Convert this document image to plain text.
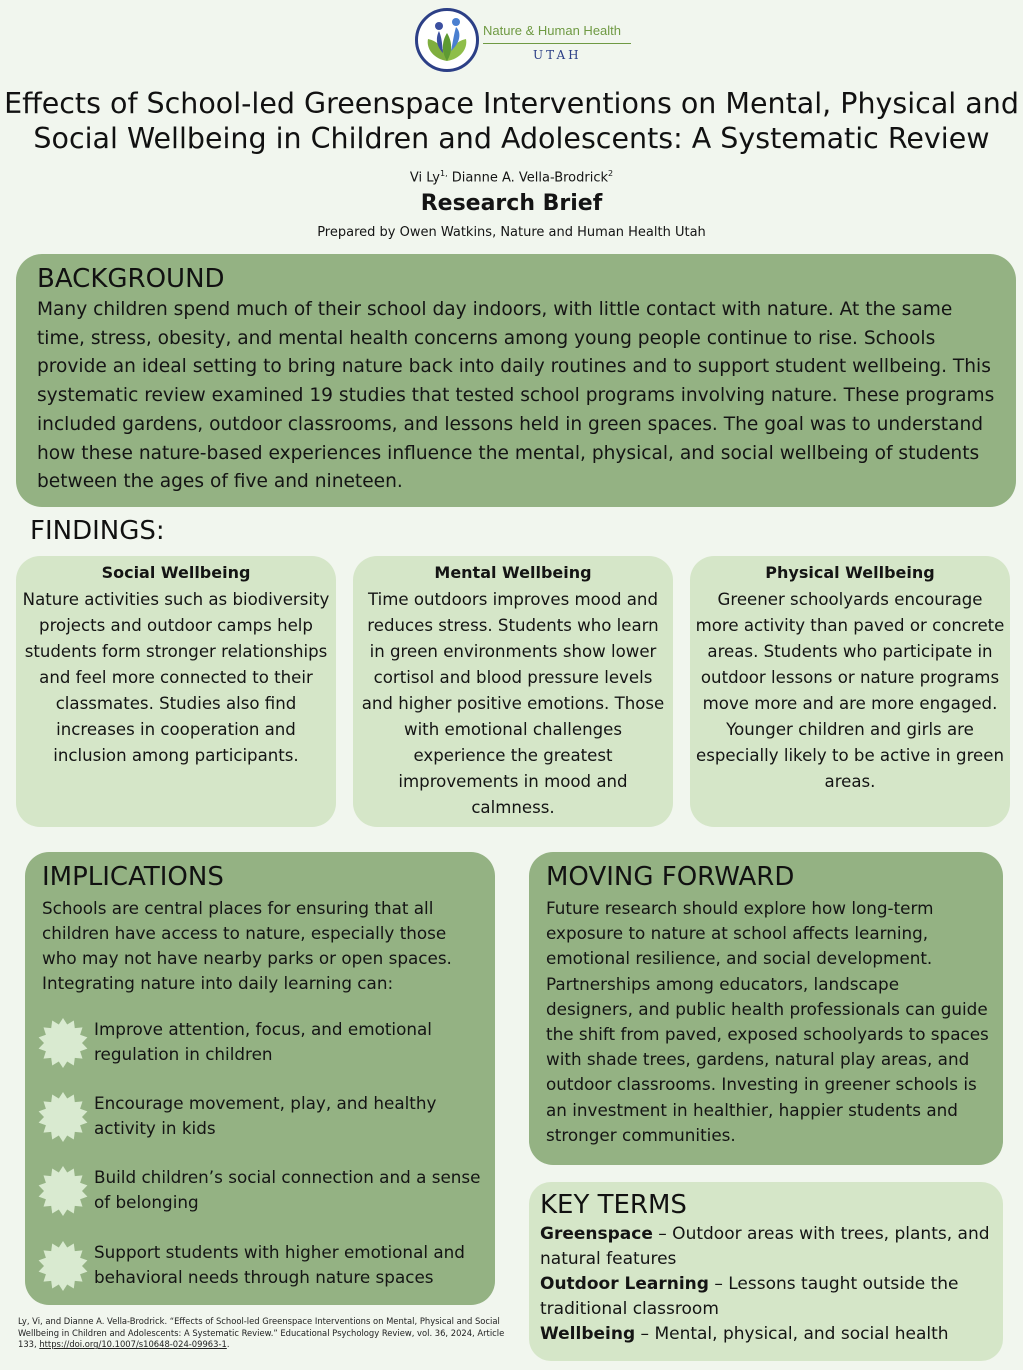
Nature & Human Health
UTAH
Effects of School-led Greenspace Interventions on Mental, Physical and
Social Wellbeing in Children and Adolescents: A Systematic Review
Vi $Ly^{1,}$ Dianne A. Vella-Brodrick$^2$
Research Brief
Prepared by Owen Watkins, Nature and Human Health Utah
BACKGROUND
Many children spend much of their school day indoors, with little contact with nature. At the same time, stress, obesity, and mental health concerns among young people continue to rise. Schools provide an ideal setting to bring nature back into daily routines and to support student wellbeing. This systematic review examined 19 studies that tested school programs involving nature. These programs included gardens, outdoor classrooms, and lessons held in green spaces. The goal was to understand how these nature-based experiences influence the mental, physical, and social wellbeing of students between the ages of five and nineteen.
FINDINGS:
Social Wellbeing
Nature activities such as biodiversity projects and outdoor camps help students form stronger relationships and feel more connected to their classmates. Studies also find increases in cooperation and inclusion among participants.
Mental Wellbeing
Time outdoors improves mood and reduces stress. Students who learn in green environments show lower cortisol and blood pressure levels and higher positive emotions. Those with emotional challenges experience the greatest improvements in mood and calmness.
Physical Wellbeing
Greener schoolyards encourage more activity than paved or concrete areas. Students who participate in outdoor lessons or nature programs move more and are more engaged. Younger children and girls are especially likely to be active in green areas.
IMPLICATIONS
Schools are central places for ensuring that all children have access to nature, especially those who may not have nearby parks or open spaces. Integrating nature into daily learning can:
Improve attention, focus, and emotional regulation in children
Encourage movement, play, and healthy activity in kids
Build children’s social connection and a sense of belonging
Support students with higher emotional and behavioral needs through nature spaces
MOVING FORWARD
Future research should explore how long-term exposure to nature at school affects learning, emotional resilience, and social development. Partnerships among educators, landscape designers, and public health professionals can guide the shift from paved, exposed schoolyards to spaces with shade trees, gardens, natural play areas, and outdoor classrooms. Investing in greener schools is an investment in healthier, happier students and stronger communities.
KEY TERMS
Greenspace – Outdoor areas with trees, plants, and natural features
Outdoor Learning – Lessons taught outside the traditional classroom
Wellbeing – Mental, physical, and social health
Ly, Vi, and Dianne A. Vella-Brodrick. “Effects of School-led Greenspace Interventions on Mental, Physical and Social Wellbeing in Children and Adolescents: A Systematic Review.” Educational Psychology Review, vol. 36, 2024, Article 133, https://doi.org/10.1007/s10648-024-09963-1.
